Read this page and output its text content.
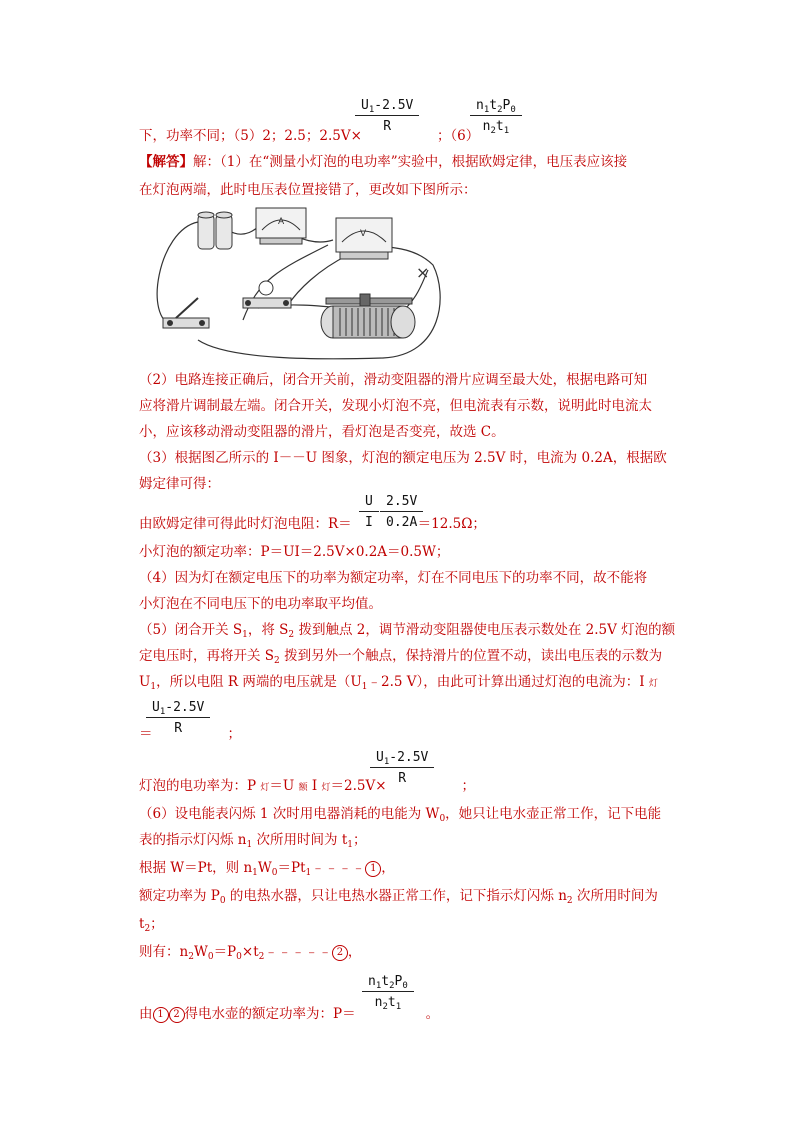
$\frac{U_1-2.5V}{R}$	$\frac{n_1t_2P_0}{n_2t_1}$
下，功率不同；（5）2；2.5；2.5V×	；（6）
【解答】解：（1）在“测量小灯泡的电功率”实验中，根据欧姆定律，电压表应该接
在灯泡两端，此时电压表位置接错了，更改如下图所示：
A
V
×
（2）电路连接正确后，闭合开关前，滑动变阻器的滑片应调至最大处，根据电路可知
应将滑片调制最左端。闭合开关，发现小灯泡不亮，但电流表有示数，说明此时电流太
小，应该移动滑动变阻器的滑片，看灯泡是否变亮，故选 C。
（3）根据图乙所示的 I－－U 图象，灯泡的额定电压为 2.5V 时，电流为 0.2A，根据欧
姆定律可得：
$\frac{U}{I} \frac{2.5V}{0.2A}$
由欧姆定律可得此时灯泡电阻：R＝	＝12.5Ω；
小灯泡的额定功率：P＝UI＝2.5V×0.2A＝0.5W；
（4）因为灯在额定电压下的功率为额定功率，灯在不同电压下的功率不同，故不能将
小灯泡在不同电压下的电功率取平均值。
（5）闭合开关 $S_1$，将 $S_2$ 拨到触点 2，调节滑动变阻器使电压表示数处在 2.5V 灯泡的额
定电压时，再将开关 $S_2$ 拨到另外一个触点，保持滑片的位置不动，读出电压表的示数为
$U_1$，所以电阻 R 两端的电压就是（$U_1﹣2.5$ V），由此可计算出通过灯泡的电流为：I 灯
$\frac{U_1-2.5V}{R}$
＝	；
$\frac{U_1-2.5V}{R}$
灯泡的电功率为：P 灯＝U 额 I 灯＝2.5V×	；
（6）设电能表闪烁 1 次时用电器消耗的电能为 $W_0$，她只让电水壶正常工作，记下电能
表的指示灯闪烁 $n_1$ 次所用时间为 $t_1$；
根据 W＝Pt，则 $n_1W_0=Pt_1﹣﹣﹣﹣$ 1 ，
额定功率为 $P_0$ 的电热水器，只让电热水器正常工作，记下指示灯闪烁 $n_2$ 次所用时间为
$t_2$；
则有：$n_2W_0=P_0\times t_2﹣﹣﹣﹣﹣$ 2 ，
$\frac{n_1t_2P_0}{n_2t_1}$
由 1 2 得电水壶的额定功率为：P＝	。
